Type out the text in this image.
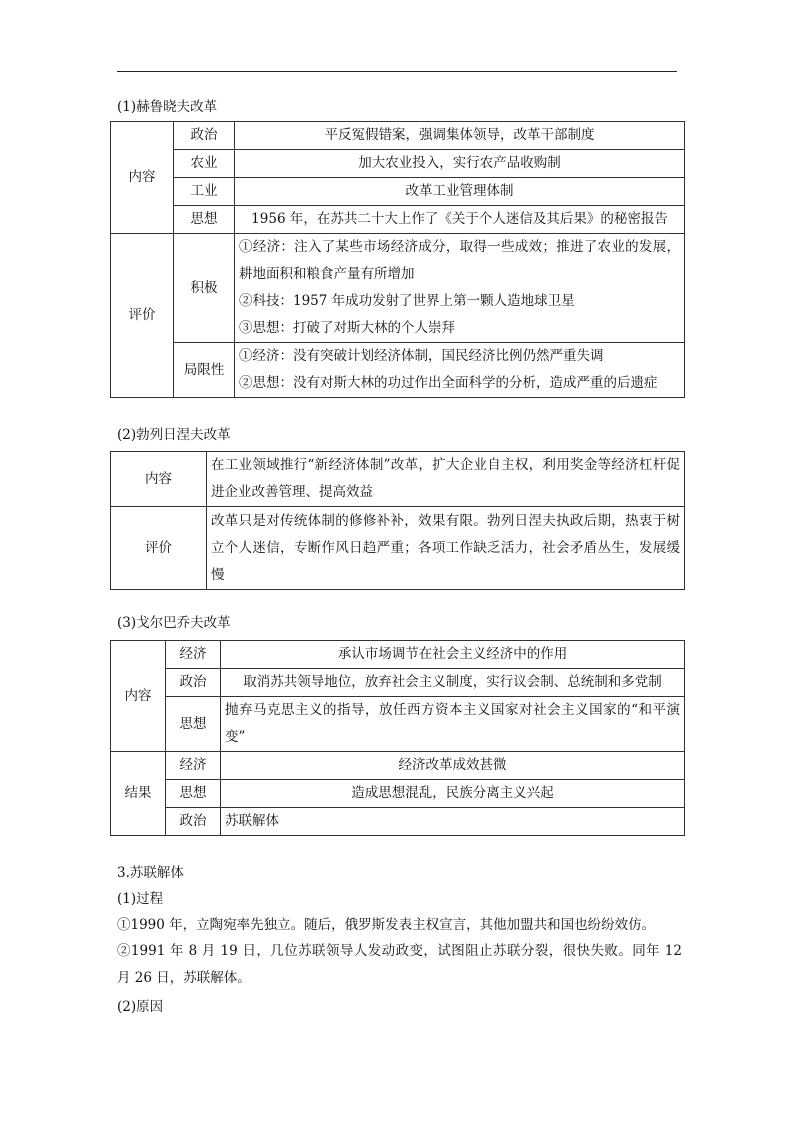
(1)赫鲁晓夫改革
内容	政治	平反冤假错案，强调集体领导，改革干部制度
	农业	加大农业投入，实行农产品收购制
	工业	改革工业管理体制
	思想	1956 年，在苏共二十大上作了《关于个人迷信及其后果》的秘密报告
评价	积极	①经济：注入了某些市场经济成分，取得一些成效；推进了农业的发展，耕地面积和粮食产量有所增加
②科技：1957 年成功发射了世界上第一颗人造地球卫星
③思想：打破了对斯大林的个人崇拜

	局限性	①经济：没有突破计划经济体制，国民经济比例仍然严重失调
②思想：没有对斯大林的功过作出全面科学的分析，造成严重的后遗症
(2)勃列日涅夫改革
内容	在工业领域推行“新经济体制”改革，扩大企业自主权，利用奖金等经济杠杆促进企业改善管理、提高效益
评价	改革只是对传统体制的修修补补，效果有限。勃列日涅夫执政后期，热衷于树立个人迷信，专断作风日趋严重；各项工作缺乏活力，社会矛盾丛生，发展缓慢
(3)戈尔巴乔夫改革
内容	经济	承认市场调节在社会主义经济中的作用
	政治	取消苏共领导地位，放弃社会主义制度，实行议会制、总统制和多党制
	思想	抛弃马克思主义的指导，放任西方资本主义国家对社会主义国家的“和平演变”
结果	经济	经济改革成效甚微
	思想	造成思想混乱，民族分离主义兴起
	政治	苏联解体
3.苏联解体
(1)过程
①1990 年，立陶宛率先独立。随后，俄罗斯发表主权宣言，其他加盟共和国也纷纷效仿。
②1991 年 8 月 19 日，几位苏联领导人发动政变，试图阻止苏联分裂，很快失败。同年 12 月 26 日，苏联解体。
(2)原因
